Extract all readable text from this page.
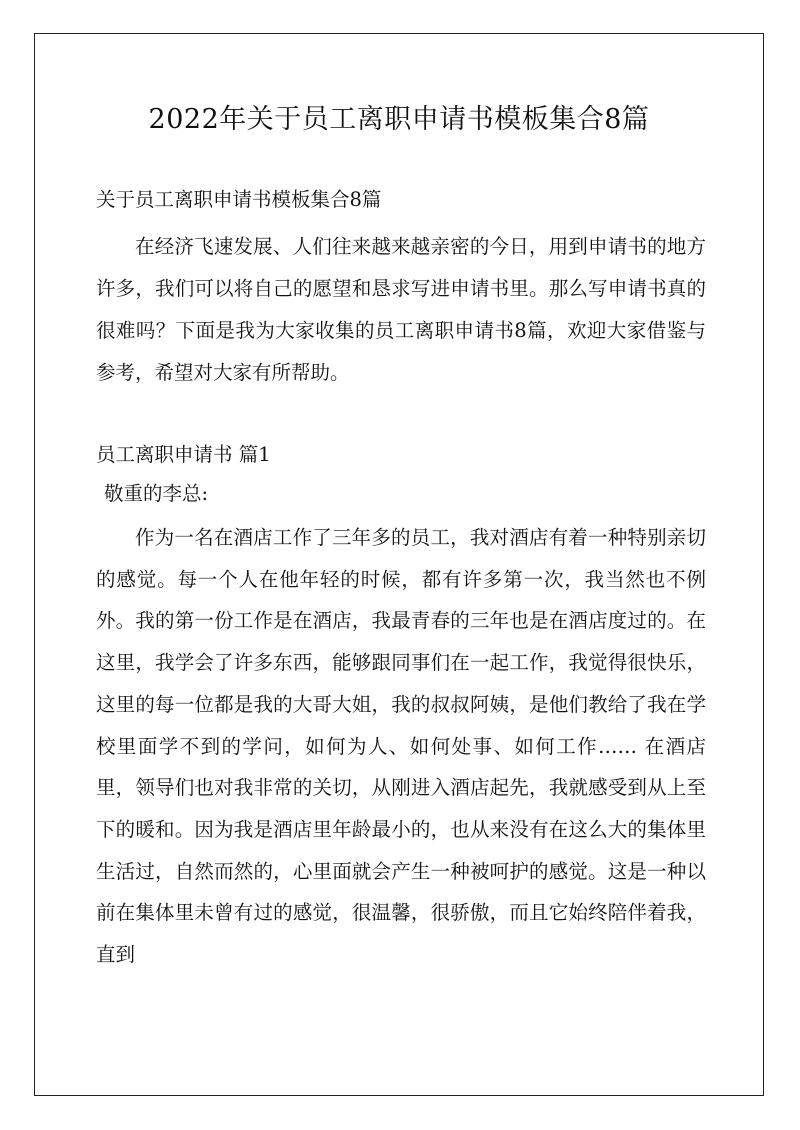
2022年关于员工离职申请书模板集合8篇

关于员工离职申请书模板集合8篇

在经济飞速发展、人们往来越来越亲密的今日，用到申请书的地方许多，我们可以将自己的愿望和恳求写进申请书里。那么写申请书真的很难吗？下面是我为大家收集的员工离职申请书8篇，欢迎大家借鉴与参考，希望对大家有所帮助。

员工离职申请书 篇1

敬重的李总:

作为一名在酒店工作了三年多的员工，我对酒店有着一种特别亲切的感觉。每一个人在他年轻的时候，都有许多第一次，我当然也不例外。我的第一份工作是在酒店，我最青春的三年也是在酒店度过的。在这里，我学会了许多东西，能够跟同事们在一起工作，我觉得很快乐，这里的每一位都是我的大哥大姐，我的叔叔阿姨，是他们教给了我在学校里面学不到的学问，如何为人、如何处事、如何工作…… 在酒店里，领导们也对我非常的关切，从刚进入酒店起先，我就感受到从上至下的暖和。因为我是酒店里年龄最小的，也从来没有在这么大的集体里生活过，自然而然的，心里面就会产生一种被呵护的感觉。这是一种以前在集体里未曾有过的感觉，很温馨，很骄傲，而且它始终陪伴着我，直到
